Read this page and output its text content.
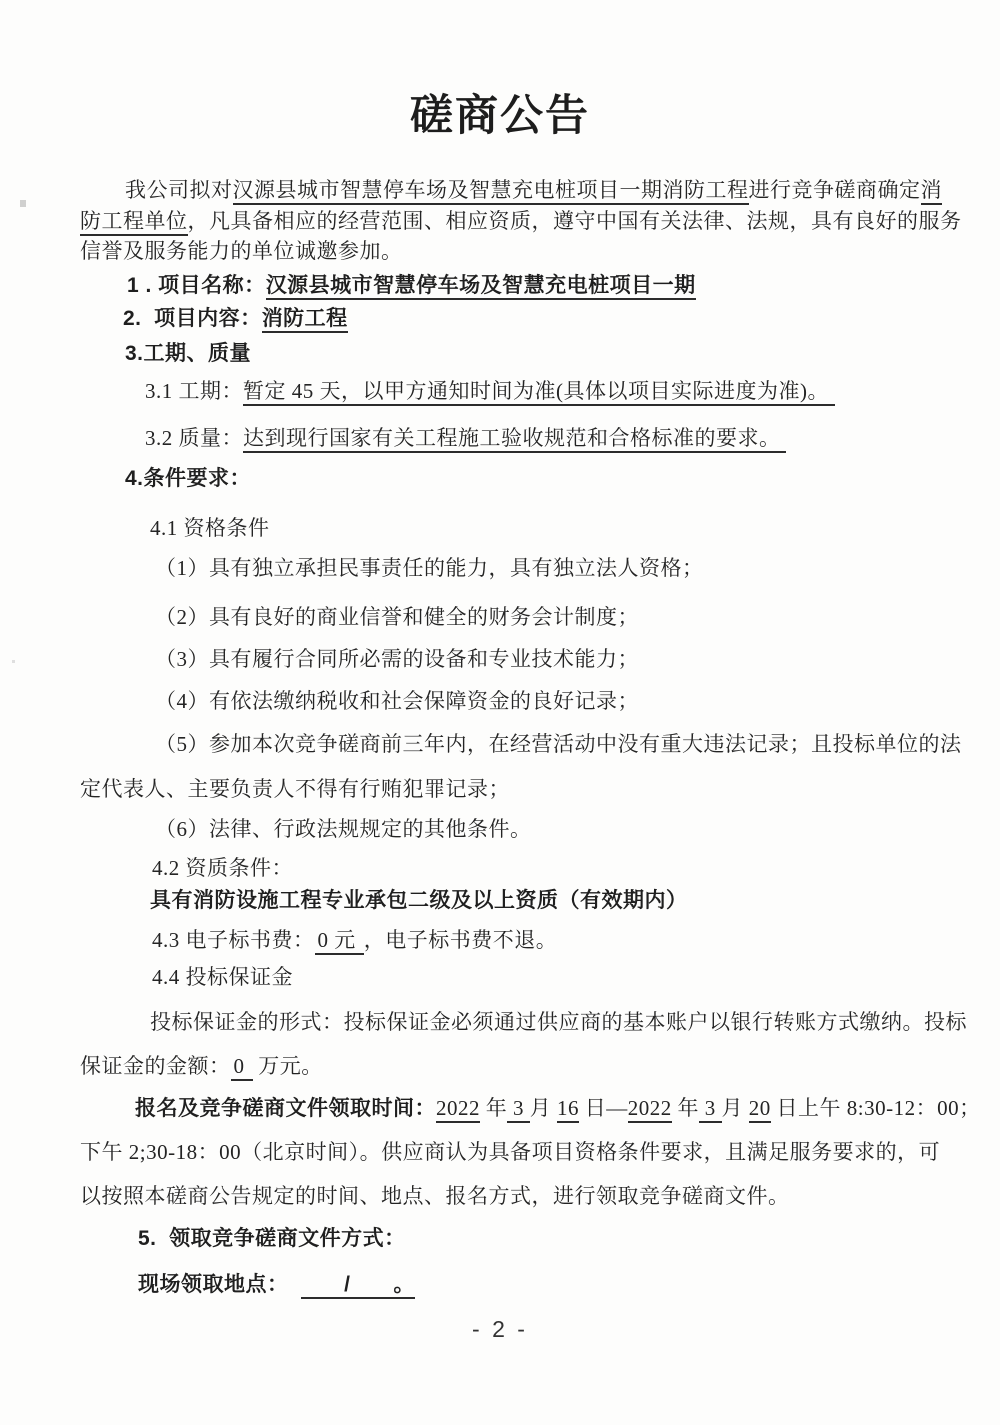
磋商公告
我公司拟对汉源县城市智慧停车场及智慧充电桩项目一期消防工程进行竞争磋商确定消
防工程单位，凡具备相应的经营范围、相应资质，遵守中国有关法律、法规，具有良好的服务
信誉及服务能力的单位诚邀参加。
1 . 项目名称：汉源县城市智慧停车场及智慧充电桩项目一期
2.  项目内容：消防工程
3.工期、质量
3.1 工期：暂定 45 天，以甲方通知时间为准(具体以项目实际进度为准)。
3.2 质量：达到现行国家有关工程施工验收规范和合格标准的要求。
4.条件要求：
4.1 资格条件
（1）具有独立承担民事责任的能力，具有独立法人资格；
（2）具有良好的商业信誉和健全的财务会计制度；
（3）具有履行合同所必需的设备和专业技术能力；
（4）有依法缴纳税收和社会保障资金的良好记录；
（5）参加本次竞争磋商前三年内，在经营活动中没有重大违法记录；且投标单位的法
定代表人、主要负责人不得有行贿犯罪记录；
（6）法律、行政法规规定的其他条件。
4.2 资质条件：
具有消防设施工程专业承包二级及以上资质（有效期内）
4.3 电子标书费： 0 元 ，电子标书费不退。
4.4 投标保证金
投标保证金的形式：投标保证金必须通过供应商的基本账户以银行转账方式缴纳。投标
保证金的金额： 0 万元。
报名及竞争磋商文件领取时间：2022 年 3 月 16 日—2022 年 3 月 20 日上午 8:30-12：00；
下午 2;30-18：00（北京时间）。供应商认为具备项目资格条件要求，且满足服务要求的，可
以按照本磋商公告规定的时间、地点、报名方式，进行领取竞争磋商文件。
5.  领取竞争磋商文件方式：
现场领取地点：  　　/　　。
- 2 -
